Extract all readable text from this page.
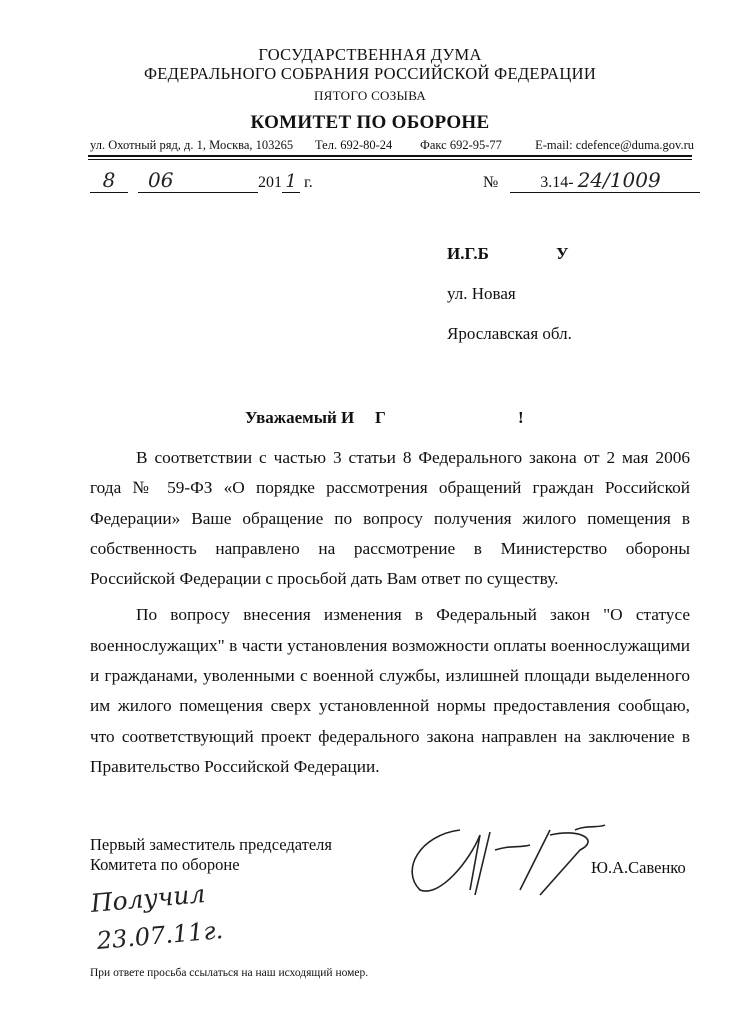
ГОСУДАРСТВЕННАЯ ДУМА
ФЕДЕРАЛЬНОГО СОБРАНИЯ РОССИЙСКОЙ ФЕДЕРАЦИИ
ПЯТОГО СОЗЫВА
КОМИТЕТ ПО ОБОРОНЕ
ул. Охотный ряд, д. 1, Москва, 103265 Тел. 692-80-24 Факс 692-95-77	E-mail: cdefence@duma.gov.ru
8 06	201 1 г.	№	3.14- 24/1009
И.Г.Б	У
ул. Новая
Ярославская обл.
Уважаемый И Г	!

В соответствии с частью 3 статьи 8 Федерального закона от 2 мая 2006 года № 59-ФЗ «О порядке рассмотрения обращений граждан Российской Федерации» Ваше обращение по вопросу получения жилого помещения в собственность направлено на рассмотрение в Министерство обороны Российской Федерации с просьбой дать Вам ответ по существу.

По вопросу внесения изменения в Федеральный закон "О статусе военнослужащих" в части установления возможности оплаты военнослужащими и гражданами, уволенными с военной службы, излишней площади выделенного им жилого помещения сверх установленной нормы предоставления сообщаю, что соответствующий проект федерального закона направлен на заключение в Правительство Российской Федерации.

Первый заместитель председателя
Комитета по обороне	Ю.А.Савенко
Получил
23.07.11г.
При ответе просьба ссылаться на наш исходящий номер.
